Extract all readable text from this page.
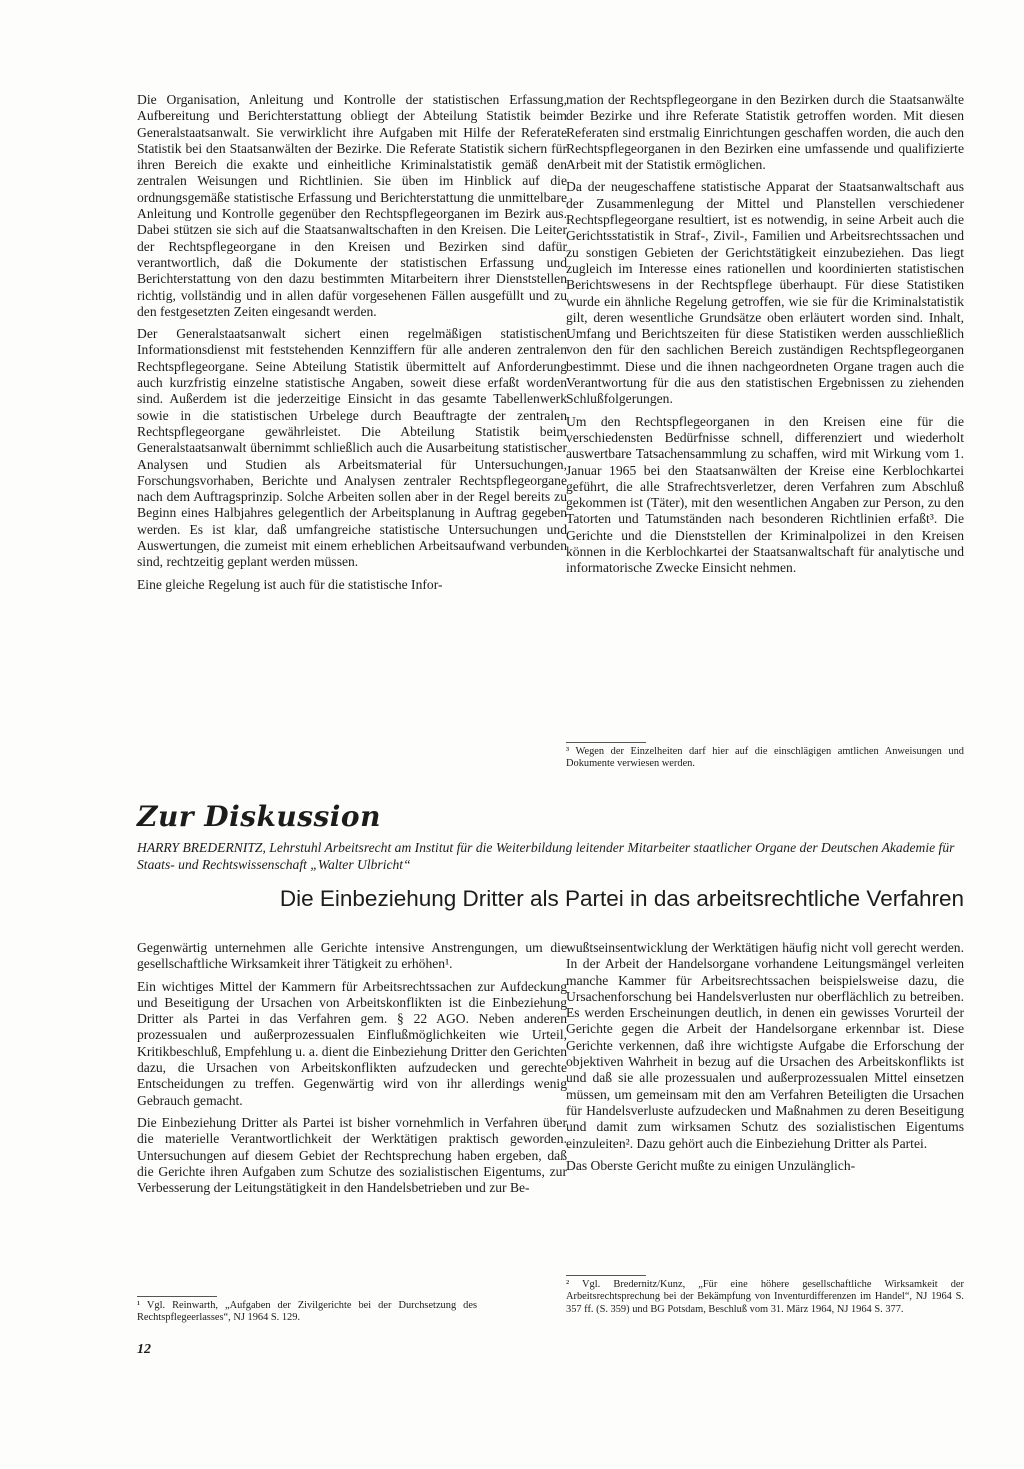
Die Organisation, Anleitung und Kontrolle der statistischen Erfassung, Aufbereitung und Berichterstattung obliegt der Abteilung Statistik beim Generalstaatsanwalt. Sie verwirklicht ihre Aufgaben mit Hilfe der Referate Statistik bei den Staatsanwälten der Bezirke. Die Referate Statistik sichern für ihren Bereich die exakte und einheitliche Kriminalstatistik gemäß den zentralen Weisungen und Richtlinien. Sie üben im Hinblick auf die ordnungsgemäße statistische Erfassung und Berichterstattung die unmittelbare Anleitung und Kontrolle gegenüber den Rechtspflegeorganen im Bezirk aus. Dabei stützen sie sich auf die Staatsanwaltschaften in den Kreisen. Die Leiter der Rechtspflegeorgane in den Kreisen und Bezirken sind dafür verantwortlich, daß die Dokumente der statistischen Erfassung und Berichterstattung von den dazu bestimmten Mitarbeitern ihrer Dienststellen richtig, vollständig und in allen dafür vorgesehenen Fällen ausgefüllt und zu den festgesetzten Zeiten eingesandt werden.

Der Generalstaatsanwalt sichert einen regelmäßigen statistischen Informationsdienst mit feststehenden Kennziffern für alle anderen zentralen Rechtspflegeorgane. Seine Abteilung Statistik übermittelt auf Anforderung auch kurzfristig einzelne statistische Angaben, soweit diese erfaßt worden sind. Außerdem ist die jederzeitige Einsicht in das gesamte Tabellenwerk sowie in die statistischen Urbelege durch Beauftragte der zentralen Rechtspflegeorgane gewährleistet. Die Abteilung Statistik beim Generalstaatsanwalt übernimmt schließlich auch die Ausarbeitung statistischer Analysen und Studien als Arbeitsmaterial für Untersuchungen, Forschungsvorhaben, Berichte und Analysen zentraler Rechtspflegeorgane nach dem Auftragsprinzip. Solche Arbeiten sollen aber in der Regel bereits zu Beginn eines Halbjahres gelegentlich der Arbeitsplanung in Auftrag gegeben werden. Es ist klar, daß umfangreiche statistische Untersuchungen und Auswertungen, die zumeist mit einem erheblichen Arbeitsaufwand verbunden sind, rechtzeitig geplant werden müssen.

Eine gleiche Regelung ist auch für die statistische Infor-

mation der Rechtspflegeorgane in den Bezirken durch die Staatsanwälte der Bezirke und ihre Referate Statistik getroffen worden. Mit diesen Referaten sind erstmalig Einrichtungen geschaffen worden, die auch den Rechtspflegeorganen in den Bezirken eine umfassende und qualifizierte Arbeit mit der Statistik ermöglichen.

Da der neugeschaffene statistische Apparat der Staatsanwaltschaft aus der Zusammenlegung der Mittel und Planstellen verschiedener Rechtspflegeorgane resultiert, ist es notwendig, in seine Arbeit auch die Gerichtsstatistik in Straf-, Zivil-, Familien und Arbeitsrechtssachen und zu sonstigen Gebieten der Gerichtstätigkeit einzubeziehen. Das liegt zugleich im Interesse eines rationellen und koordinierten statistischen Berichtswesens in der Rechtspflege überhaupt. Für diese Statistiken wurde ein ähnliche Regelung getroffen, wie sie für die Kriminalstatistik gilt, deren wesentliche Grundsätze oben erläutert worden sind. Inhalt, Umfang und Berichtszeiten für diese Statistiken werden ausschließlich von den für den sachlichen Bereich zuständigen Rechtspflegeorganen bestimmt. Diese und die ihnen nachgeordneten Organe tragen auch die Verantwortung für die aus den statistischen Ergebnissen zu ziehenden Schlußfolgerungen.

Um den Rechtspflegeorganen in den Kreisen eine für die verschiedensten Bedürfnisse schnell, differenziert und wiederholt auswertbare Tatsachensammlung zu schaffen, wird mit Wirkung vom 1. Januar 1965 bei den Staatsanwälten der Kreise eine Kerblochkartei geführt, die alle Strafrechtsverletzer, deren Verfahren zum Abschluß gekommen ist (Täter), mit den wesentlichen Angaben zur Person, zu den Tatorten und Tatumständen nach besonderen Richtlinien erfaßt³. Die Gerichte und die Dienststellen der Kriminalpolizei in den Kreisen können in die Kerblochkartei der Staatsanwaltschaft für analytische und informatorische Zwecke Einsicht nehmen.

³ Wegen der Einzelheiten darf hier auf die einschlägigen amtlichen Anweisungen und Dokumente verwiesen werden.
Zur Diskussion
HARRY BREDERNITZ, Lehrstuhl Arbeitsrecht am Institut für die Weiterbildung leitender Mitarbeiter staatlicher Organe der Deutschen Akademie für Staats- und Rechtswissenschaft „Walter Ulbricht“
Die Einbeziehung Dritter als Partei in das arbeitsrechtliche Verfahren

Gegenwärtig unternehmen alle Gerichte intensive Anstrengungen, um die gesellschaftliche Wirksamkeit ihrer Tätigkeit zu erhöhen¹.

Ein wichtiges Mittel der Kammern für Arbeitsrechtssachen zur Aufdeckung und Beseitigung der Ursachen von Arbeitskonflikten ist die Einbeziehung Dritter als Partei in das Verfahren gem. § 22 AGO. Neben anderen prozessualen und außerprozessualen Einflußmöglichkeiten wie Urteil, Kritikbeschluß, Empfehlung u. a. dient die Einbeziehung Dritter den Gerichten dazu, die Ursachen von Arbeitskonflikten aufzudecken und gerechte Entscheidungen zu treffen. Gegenwärtig wird von ihr allerdings wenig Gebrauch gemacht.

Die Einbeziehung Dritter als Partei ist bisher vornehmlich in Verfahren über die materielle Verantwortlichkeit der Werktätigen praktisch geworden. Untersuchungen auf diesem Gebiet der Rechtsprechung haben ergeben, daß die Gerichte ihren Aufgaben zum Schutze des sozialistischen Eigentums, zur Verbesserung der Leitungstätigkeit in den Handelsbetrieben und zur Be-

¹ Vgl. Reinwarth, „Aufgaben der Zivilgerichte bei der Durchsetzung des Rechtspflegeerlasses“, NJ 1964 S. 129.

wußtseinsentwicklung der Werktätigen häufig nicht voll gerecht werden. In der Arbeit der Handelsorgane vorhandene Leitungsmängel verleiten manche Kammer für Arbeitsrechtssachen beispielsweise dazu, die Ursachenforschung bei Handelsverlusten nur oberflächlich zu betreiben. Es werden Erscheinungen deutlich, in denen ein gewisses Vorurteil der Gerichte gegen die Arbeit der Handelsorgane erkennbar ist. Diese Gerichte verkennen, daß ihre wichtigste Aufgabe die Erforschung der objektiven Wahrheit in bezug auf die Ursachen des Arbeitskonflikts ist und daß sie alle prozessualen und außerprozessualen Mittel einsetzen müssen, um gemeinsam mit den am Verfahren Beteiligten die Ursachen für Handelsverluste aufzudecken und Maßnahmen zu deren Beseitigung und damit zum wirksamen Schutz des sozialistischen Eigentums einzuleiten². Dazu gehört auch die Einbeziehung Dritter als Partei.

Das Oberste Gericht mußte zu einigen Unzulänglich-

² Vgl. Bredernitz/Kunz, „Für eine höhere gesellschaftliche Wirksamkeit der Arbeitsrechtsprechung bei der Bekämpfung von Inventurdifferenzen im Handel“, NJ 1964 S. 357 ff. (S. 359) und BG Potsdam, Beschluß vom 31. März 1964, NJ 1964 S. 377.
12
